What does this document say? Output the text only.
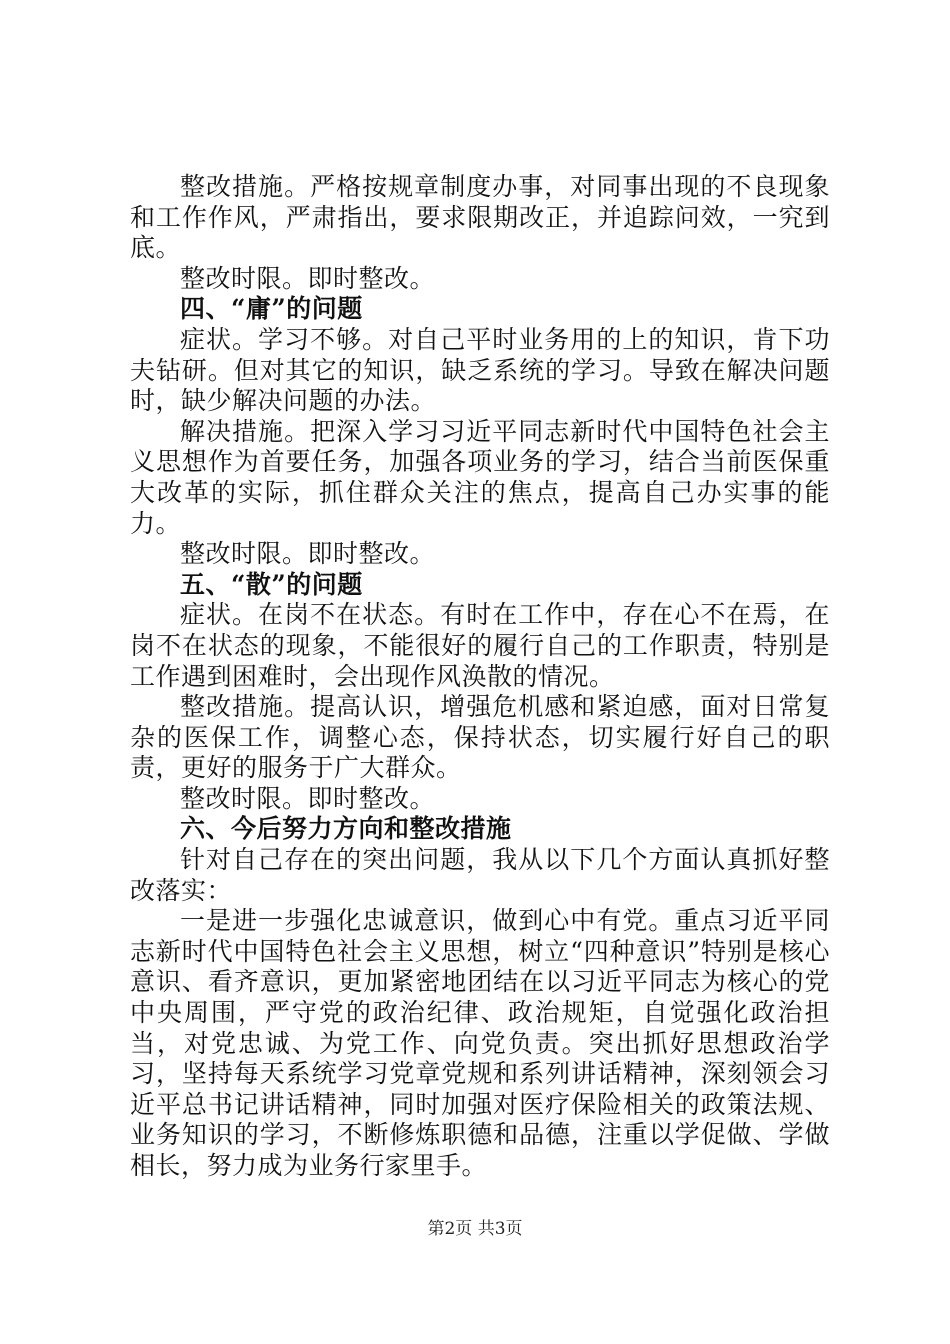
整改措施。严格按规章制度办事，对同事出现的不良现象和工作作风，严肃指出，要求限期改正，并追踪问效，一究到底。

整改时限。即时整改。

四、“庸”的问题

症状。学习不够。对自己平时业务用的上的知识，肯下功夫钻研。但对其它的知识，缺乏系统的学习。导致在解决问题时，缺少解决问题的办法。

解决措施。把深入学习习近平同志新时代中国特色社会主义思想作为首要任务，加强各项业务的学习，结合当前医保重大改革的实际，抓住群众关注的焦点，提高自己办实事的能力。

整改时限。即时整改。

五、“散”的问题

症状。在岗不在状态。有时在工作中，存在心不在焉，在岗不在状态的现象，不能很好的履行自己的工作职责，特别是工作遇到困难时，会出现作风涣散的情况。

整改措施。提高认识，增强危机感和紧迫感，面对日常复杂的医保工作，调整心态，保持状态，切实履行好自己的职责，更好的服务于广大群众。

整改时限。即时整改。

六、今后努力方向和整改措施

针对自己存在的突出问题，我从以下几个方面认真抓好整改落实：

一是进一步强化忠诚意识，做到心中有党。重点习近平同志新时代中国特色社会主义思想，树立“四种意识”特别是核心意识、看齐意识，更加紧密地团结在以习近平同志为核心的党中央周围，严守党的政治纪律、政治规矩，自觉强化政治担当，对党忠诚、为党工作、向党负责。突出抓好思想政治学习，坚持每天系统学习党章党规和系列讲话精神，深刻领会习近平总书记讲话精神，同时加强对医疗保险相关的政策法规、业务知识的学习，不断修炼职德和品德，注重以学促做、学做相长，努力成为业务行家里手。

第2页 共3页
